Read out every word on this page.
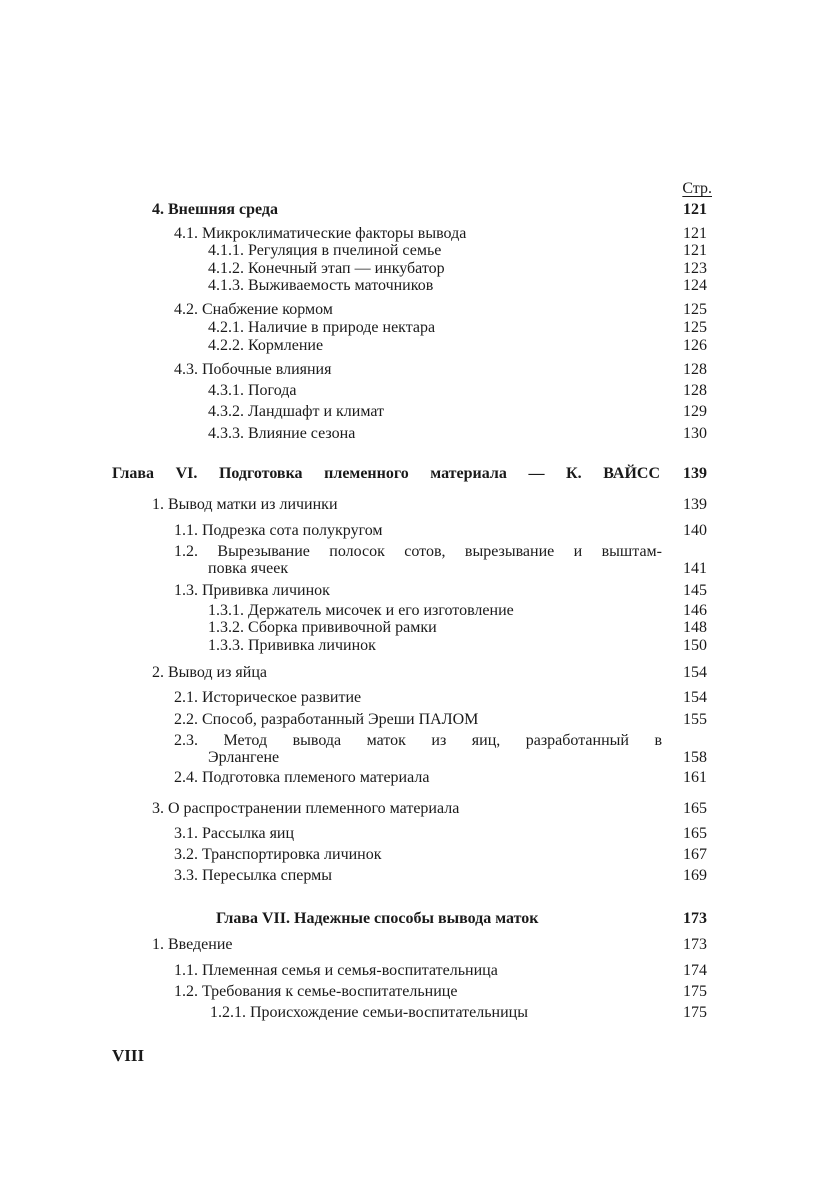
Стр.
4. Внешняя среда	121
4.1. Микроклиматические факторы вывода	121
4.1.1. Регуляция в пчелиной семье	121
4.1.2. Конечный этап — инкубатор	123
4.1.3. Выживаемость маточников	124
4.2. Снабжение кормом	125
4.2.1. Наличие в природе нектара	125
4.2.2. Кормление	126
4.3. Побочные влияния	128
4.3.1. Погода	128
4.3.2. Ландшафт и климат	129
4.3.3. Влияние сезона	130
Глава VI. Подготовка племенного материала — К. ВАЙСС	139
1. Вывод матки из личинки	139
1.1. Подрезка сота полукругом	140
1.2. Вырезывание полосок сотов, вырезывание и выштам-
повка ячеек	141
1.3. Прививка личинок	145
1.3.1. Держатель мисочек и его изготовление	146
1.3.2. Сборка прививочной рамки	148
1.3.3. Прививка личинок	150
2. Вывод из яйца	154
2.1. Историческое развитие	154
2.2. Способ, разработанный Эреши ПАЛОМ	155
2.3. Метод вывода маток из яиц, разработанный в
Эрлангене	158
2.4. Подготовка племеного материала	161
3. О распространении племенного материала	165
3.1. Рассылка яиц	165
3.2. Транспортировка личинок	167
3.3. Пересылка спермы	169
Глава VII. Надежные способы вывода маток	173
1. Введение	173
1.1. Племенная семья и семья-воспитательница	174
1.2. Требования к семье-воспитательнице	175
1.2.1. Происхождение семьи-воспитательницы	175
VIII
